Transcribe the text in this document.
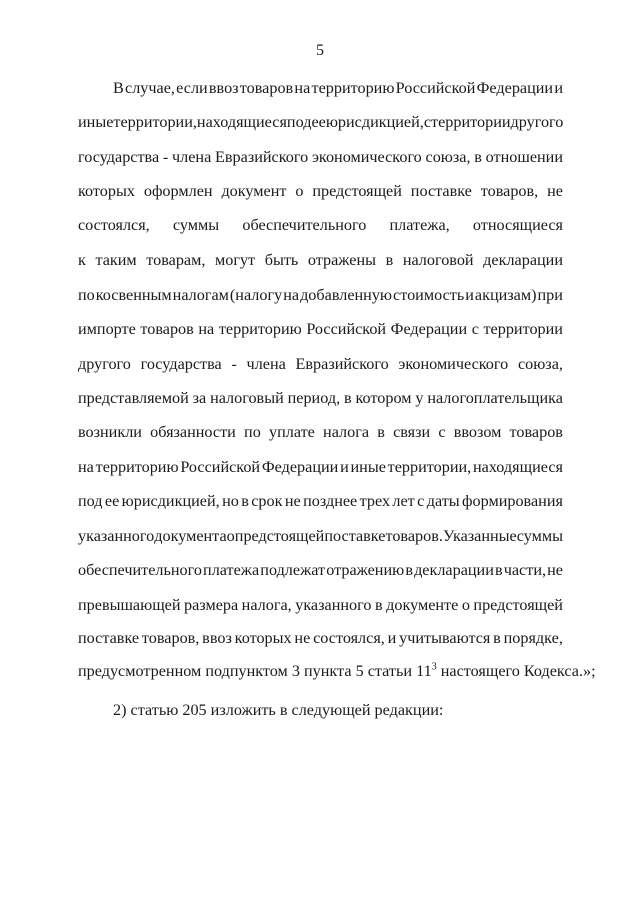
5
В случае, если ввоз товаров на территорию Российской Федерации и
иные территории, находящиеся под ее юрисдикцией, с территории другого
государства - члена Евразийского экономического союза, в отношении
которых оформлен документ о предстоящей поставке товаров, не
состоялся, суммы обеспечительного платежа, относящиеся
к таким товарам, могут быть отражены в налоговой декларации
по косвенным налогам (налогу на добавленную стоимость и акцизам) при
импорте товаров на территорию Российской Федерации с территории
другого государства - члена Евразийского экономического союза,
представляемой за налоговый период, в котором у налогоплательщика
возникли обязанности по уплате налога в связи с ввозом товаров
на территорию Российской Федерации и иные территории, находящиеся
под ее юрисдикцией, но в срок не позднее трех лет с даты формирования
указанного документа о предстоящей поставке товаров. Указанные суммы
обеспечительного платежа подлежат отражению в декларации в части, не
превышающей размера налога, указанного в документе о предстоящей
поставке товаров, ввоз которых не состоялся, и учитываются в порядке,
предусмотренном подпунктом 3 пункта 5 статьи $11^3$ настоящего Кодекса.»;
2) статью 205 изложить в следующей редакции:
